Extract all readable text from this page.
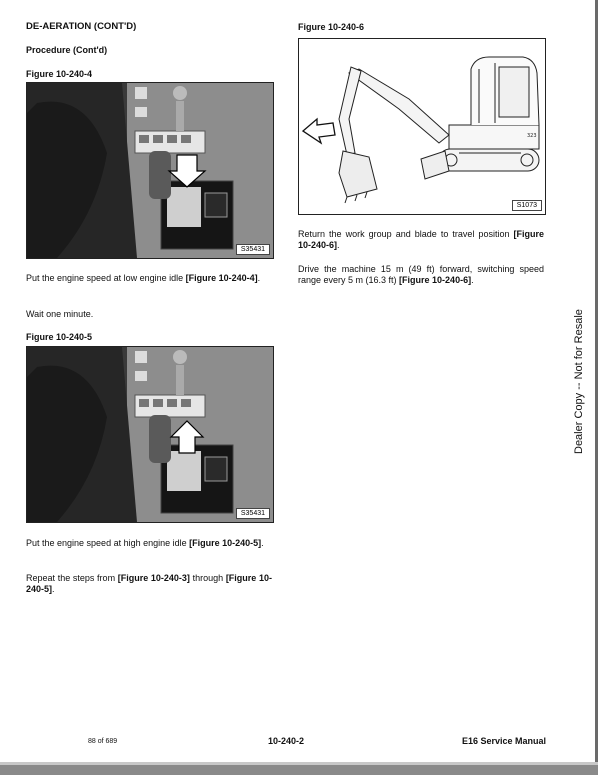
DE-AERATION (CONT'D)
Procedure (Cont'd)
Figure 10-240-4
S35431
Put the engine speed at low engine idle [Figure 10-240-4].
Wait one minute.
Figure 10-240-5
S35431
Put the engine speed at high engine idle [Figure 10-240-5].
Repeat the steps from [Figure 10-240-3] through [Figure 10-240-5].
Figure 10-240-6
323
S1073
Return the work group and blade to travel position [Figure 10-240-6].
Drive the machine 15 m (49 ft) forward, switching speed range every 5 m (16.3 ft) [Figure 10-240-6].
Dealer Copy -- Not for Resale
88 of 689	10-240-2	E16 Service Manual
